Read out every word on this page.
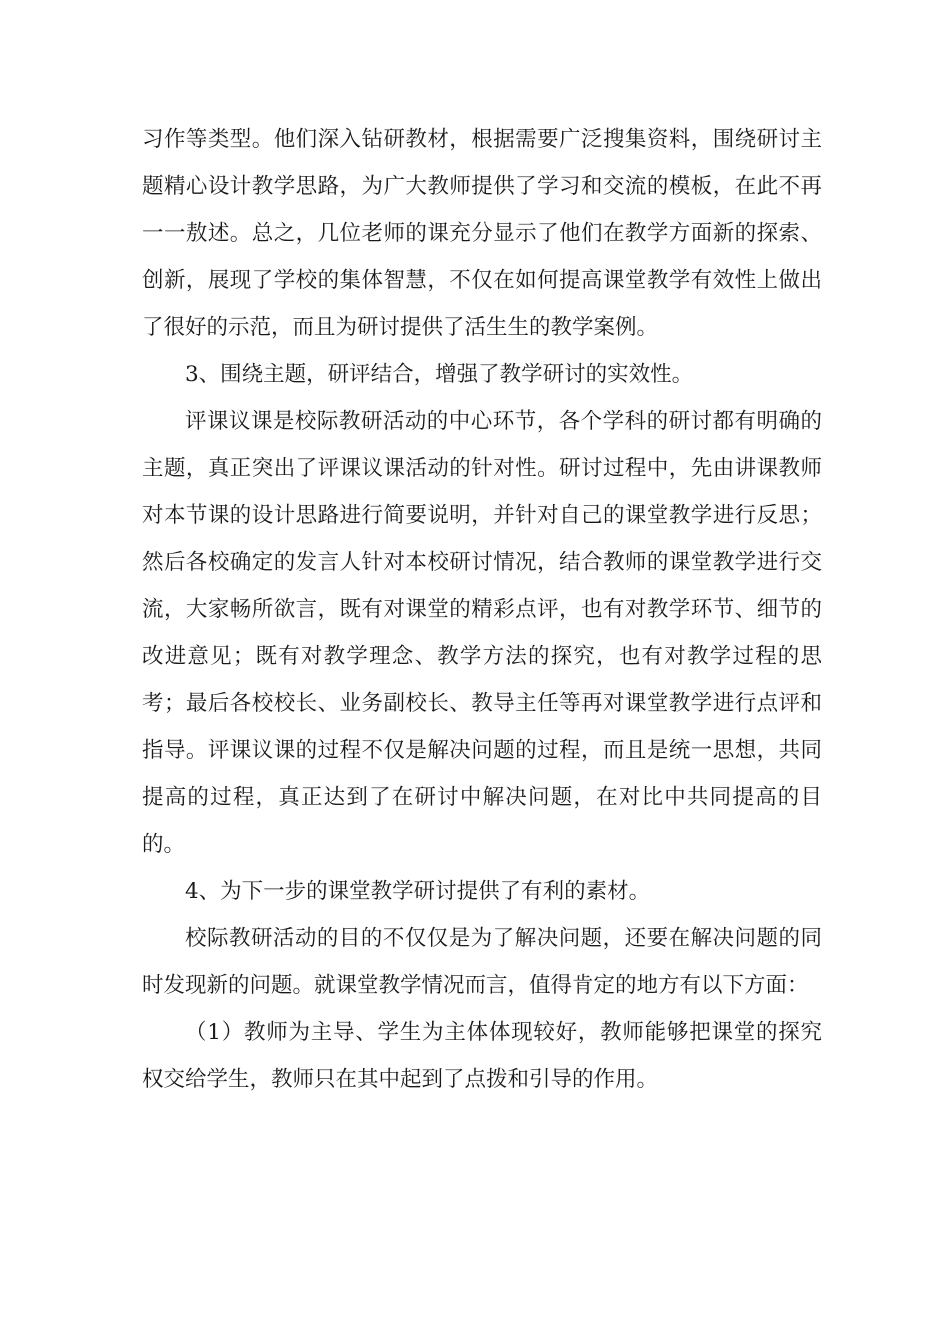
习作等类型。他们深入钻研教材，根据需要广泛搜集资料，围绕研讨主题精心设计教学思路，为广大教师提供了学习和交流的模板，在此不再一一敖述。总之，几位老师的课充分显示了他们在教学方面新的探索、创新，展现了学校的集体智慧，不仅在如何提高课堂教学有效性上做出了很好的示范，而且为研讨提供了活生生的教学案例。

3、围绕主题，研评结合，增强了教学研讨的实效性。

评课议课是校际教研活动的中心环节，各个学科的研讨都有明确的主题，真正突出了评课议课活动的针对性。研讨过程中，先由讲课教师对本节课的设计思路进行简要说明，并针对自己的课堂教学进行反思；然后各校确定的发言人针对本校研讨情况，结合教师的课堂教学进行交流，大家畅所欲言，既有对课堂的精彩点评，也有对教学环节、细节的改进意见；既有对教学理念、教学方法的探究，也有对教学过程的思考；最后各校校长、业务副校长、教导主任等再对课堂教学进行点评和指导。评课议课的过程不仅是解决问题的过程，而且是统一思想，共同提高的过程，真正达到了在研讨中解决问题，在对比中共同提高的目的。

4、为下一步的课堂教学研讨提供了有利的素材。

校际教研活动的目的不仅仅是为了解决问题，还要在解决问题的同时发现新的问题。就课堂教学情况而言，值得肯定的地方有以下方面：

（1）教师为主导、学生为主体体现较好，教师能够把课堂的探究权交给学生，教师只在其中起到了点拨和引导的作用。
